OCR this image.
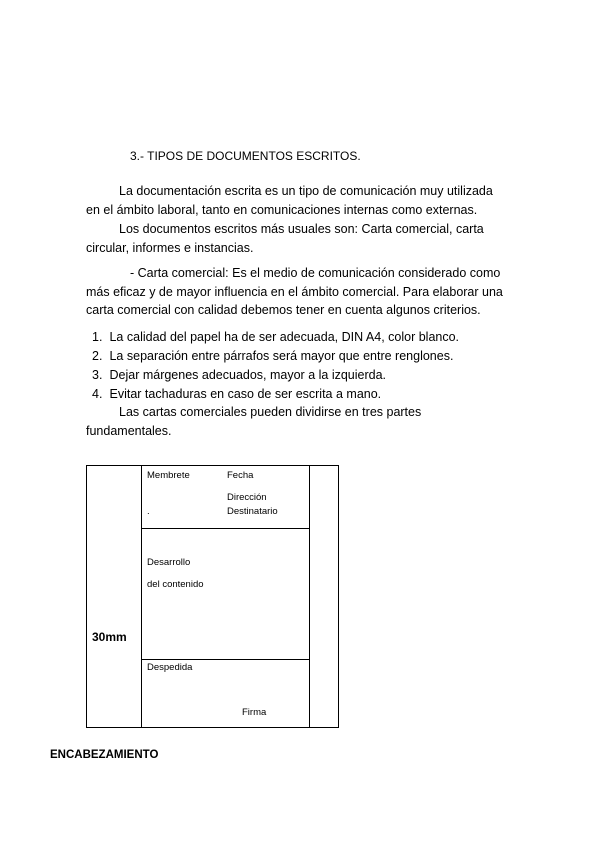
3.- TIPOS DE DOCUMENTOS ESCRITOS.
La documentación escrita es un tipo de comunicación muy utilizada
en el ámbito laboral, tanto en comunicaciones internas como externas.
Los documentos escritos más usuales son: Carta comercial, carta
circular, informes e instancias.
- Carta comercial: Es el medio de comunicación considerado como
más eficaz y de mayor influencia en el ámbito comercial. Para elaborar una
carta comercial con calidad debemos tener en cuenta algunos criterios.
1. La calidad del papel ha de ser adecuada, DIN A4, color blanco.
2. La separación entre párrafos será mayor que entre renglones.
3. Dejar márgenes adecuados, mayor a la izquierda.
4. Evitar tachaduras en caso de ser escrita a mano.
Las cartas comerciales pueden dividirse en tres partes
fundamentales.
Membrete	Fecha
Dirección
Destinatario
.
Desarrollo
del contenido
30mm
Despedida
Firma
ENCABEZAMIENTO
